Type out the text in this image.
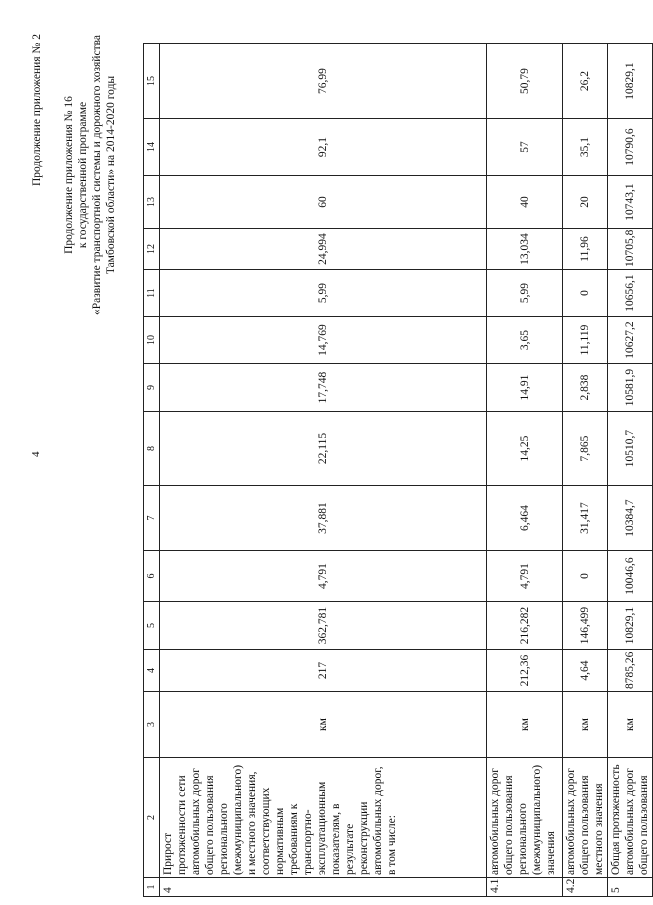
4
Продолжение приложения № 2 Продолжение приложения № 16 к государственной программе «Развитие транспортной системы и дорожного хозяйства Тамбовской области» на 2014-2020 годы
1	2	3	4	5	6	7	8	9	10	11	12	13	14	15
4	Прирост протяженности сети автомобильных дорог общего пользования регионального (межмуниципального) и местного значения, соответствующих нормативным требованиям к транспортно-эксплуатационным показателям, в результате реконструкции автомобильных дорог, в том числе:	км	217	362,781	4,791	37,881	22,115	17,748	14,769	5,99	24,994	60	92,1	76,99
4.1	автомобильных дорог общего пользования регионального (межмуниципального) значения	км	212,36	216,282	4,791	6,464	14,25	14,91	3,65	5,99	13,034	40	57	50,79
4.2	автомобильных дорог общего пользования местного значения	км	4,64	146,499	0	31,417	7,865	2,838	11,119	0	11,96	20	35,1	26,2
5	Общая протяженность автомобильных дорог общего пользования	км	8785,26	10829,1	10046,6	10384,7	10510,7	10581,9	10627,2	10656,1	10705,8	10743,1	10790,6	10829,1
